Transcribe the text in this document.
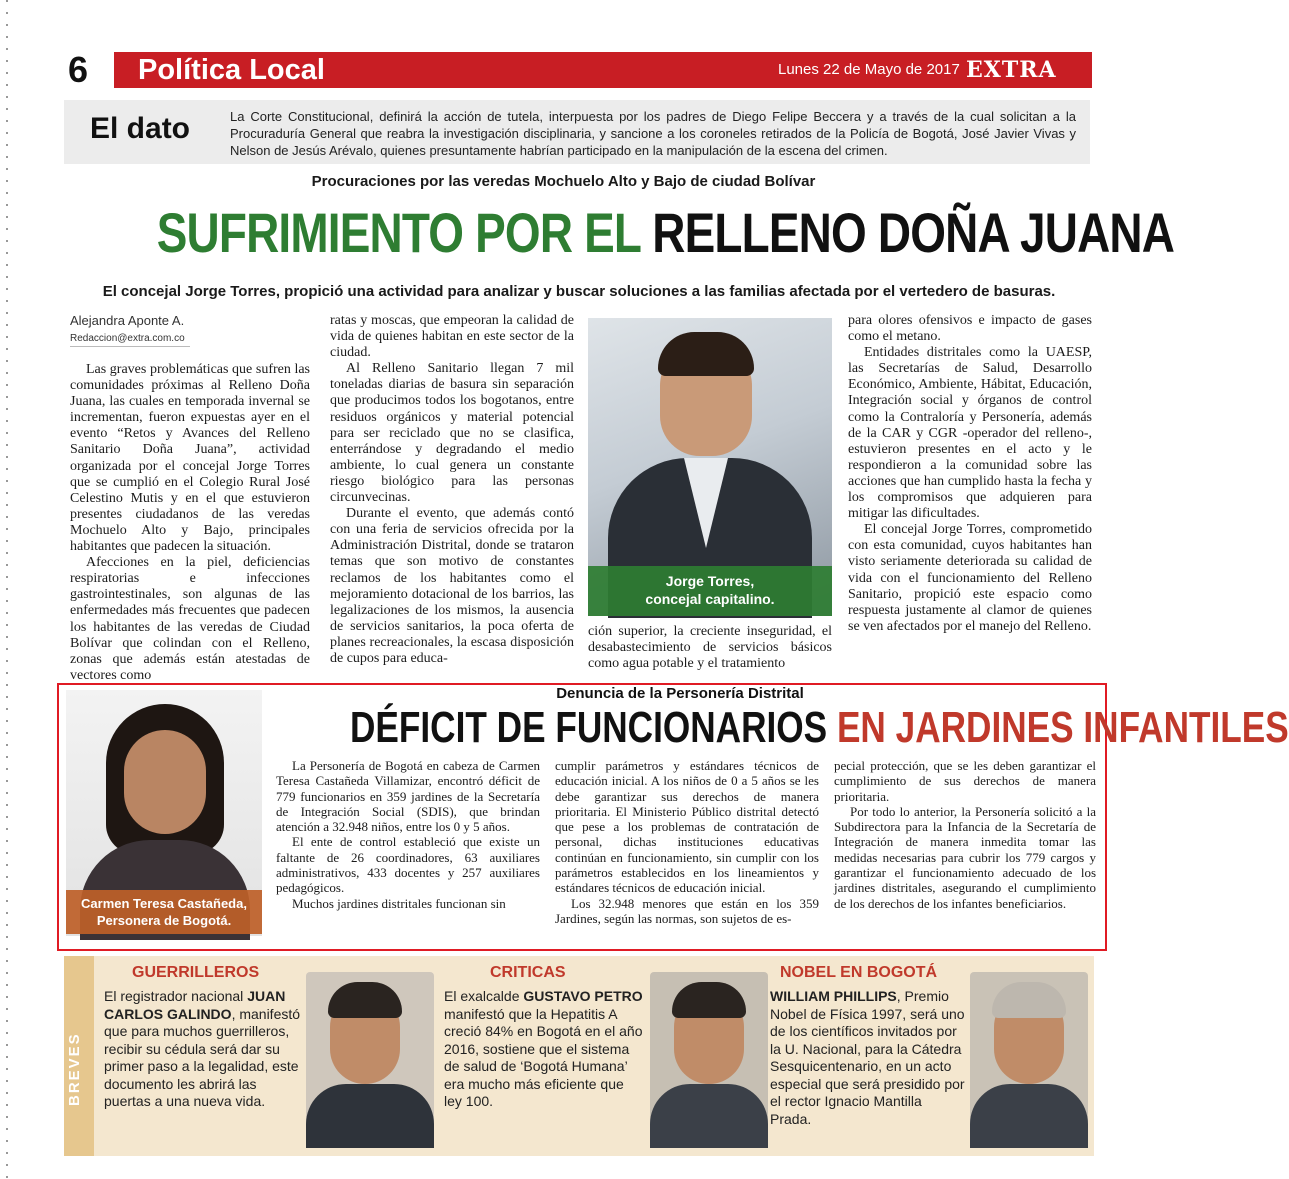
6	Política Local	Lunes 22 de Mayo de 2017 EXTRA
El dato	La Corte Constitucional, definirá la acción de tutela, interpuesta por los padres de Diego Felipe Beccera y a través de la cual solicitan a la Procuraduría General que reabra la investigación disciplinaria, y sancione a los coroneles retirados de la Policía de Bogotá, José Javier Vivas y Nelson de Jesús Arévalo, quienes presuntamente habrían participado en la manipulación de la escena del crimen.
Procuraciones por las veredas Mochuelo Alto y Bajo de ciudad Bolívar
SUFRIMIENTO POR EL RELLENO DOÑA JUANA
El concejal Jorge Torres, propició una actividad para analizar y buscar soluciones a las familias afectada por el vertedero de basuras.
Alejandra Aponte A.
Redaccion@extra.com.co

Las graves problemáticas que sufren las comunidades próximas al Relleno Doña Juana, las cuales en temporada invernal se incrementan, fueron expuestas ayer en el evento “Retos y Avances del Relleno Sanitario Doña Juana”, actividad organizada por el concejal Jorge Torres que se cumplió en el Colegio Rural José Celestino Mutis y en el que estuvieron presentes ciudadanos de las veredas Mochuelo Alto y Bajo, principales habitantes que padecen la situación.

Afecciones en la piel, deficiencias respiratorias e infecciones gastrointestinales, son algunas de las enfermedades más frecuentes que padecen los habitantes de las veredas de Ciudad Bolívar que colindan con el Relleno, zonas que además están atestadas de vectores como

ratas y moscas, que empeoran la calidad de vida de quienes habitan en este sector de la ciudad.

Al Relleno Sanitario llegan 7 mil toneladas diarias de basura sin separación que producimos todos los bogotanos, entre residuos orgánicos y material potencial para ser reciclado que no se clasifica, enterrándose y degradando el medio ambiente, lo cual genera un constante riesgo biológico para las personas circunvecinas.

Durante el evento, que además contó con una feria de servicios ofrecida por la Administración Distrital, donde se trataron temas que son motivo de constantes reclamos de los habitantes como el mejoramiento dotacional de los barrios, las legalizaciones de los mismos, la ausencia de servicios sanitarios, la poca oferta de planes recreacionales, la escasa disposición de cupos para educa-

Jorge Torres,
concejal capitalino.

ción superior, la creciente inseguridad, el desabastecimiento de servicios básicos como agua potable y el tratamiento

para olores ofensivos e impacto de gases como el metano.

Entidades distritales como la UAESP, las Secretarías de Salud, Desarrollo Económico, Ambiente, Hábitat, Educación, Integración social y órganos de control como la Contraloría y Personería, además de la CAR y CGR -operador del relleno-, estuvieron presentes en el acto y le respondieron a la comunidad sobre las acciones que han cumplido hasta la fecha y los compromisos que adquieren para mitigar las dificultades.

El concejal Jorge Torres, comprometido con esta comunidad, cuyos habitantes han visto seriamente deteriorada su calidad de vida con el funcionamiento del Relleno Sanitario, propició este espacio como respuesta justamente al clamor de quienes se ven afectados por el manejo del Relleno.

Denuncia de la Personería Distrital
DÉFICIT DE FUNCIONARIOS EN JARDINES INFANTILES
Carmen Teresa Castañeda,
Personera de Bogotá.

La Personería de Bogotá en cabeza de Carmen Teresa Castañeda Villamizar, encontró déficit de 779 funcionarios en 359 jardines de la Secretaría de Integración Social (SDIS), que brindan atención a 32.948 niños, entre los 0 y 5 años.

El ente de control estableció que existe un faltante de 26 coordinadores, 63 auxiliares administrativos, 433 docentes y 257 auxiliares pedagógicos.

Muchos jardines distritales funcionan sin

cumplir parámetros y estándares técnicos de educación inicial. A los niños de 0 a 5 años se les debe garantizar sus derechos de manera prioritaria. El Ministerio Público distrital detectó que pese a los problemas de contratación de personal, dichas instituciones educativas continúan en funcionamiento, sin cumplir con los parámetros establecidos en los lineamientos y estándares técnicos de educación inicial.

Los 32.948 menores que están en los 359 Jardines, según las normas, son sujetos de es-

pecial protección, que se les deben garantizar el cumplimiento de sus derechos de manera prioritaria.

Por todo lo anterior, la Personería solicitó a la Subdirectora para la Infancia de la Secretaría de Integración de manera inmedita tomar las medidas necesarias para cubrir los 779 cargos y garantizar el funcionamiento adecuado de los jardines distritales, asegurando el cumplimiento de los derechos de los infantes beneficiarios.

BREVES
GUERRILLEROS
El registrador nacional JUAN CARLOS GALINDO, manifestó que para muchos guerrilleros, recibir su cédula será dar su primer paso a la legalidad, este documento les abrirá las puertas a una nueva vida.
CRITICAS
El exalcalde GUSTAVO PETRO manifestó que la Hepatitis A creció 84% en Bogotá en el año 2016, sostiene que el sistema de salud de ‘Bogotá Humana’ era mucho más eficiente que ley 100.
NOBEL EN BOGOTÁ
WILLIAM PHILLIPS, Premio Nobel de Física 1997, será uno de los científicos invitados por la U. Nacional, para la Cátedra Sesquicentenario, en un acto especial que será presidido por el rector Ignacio Mantilla Prada.
